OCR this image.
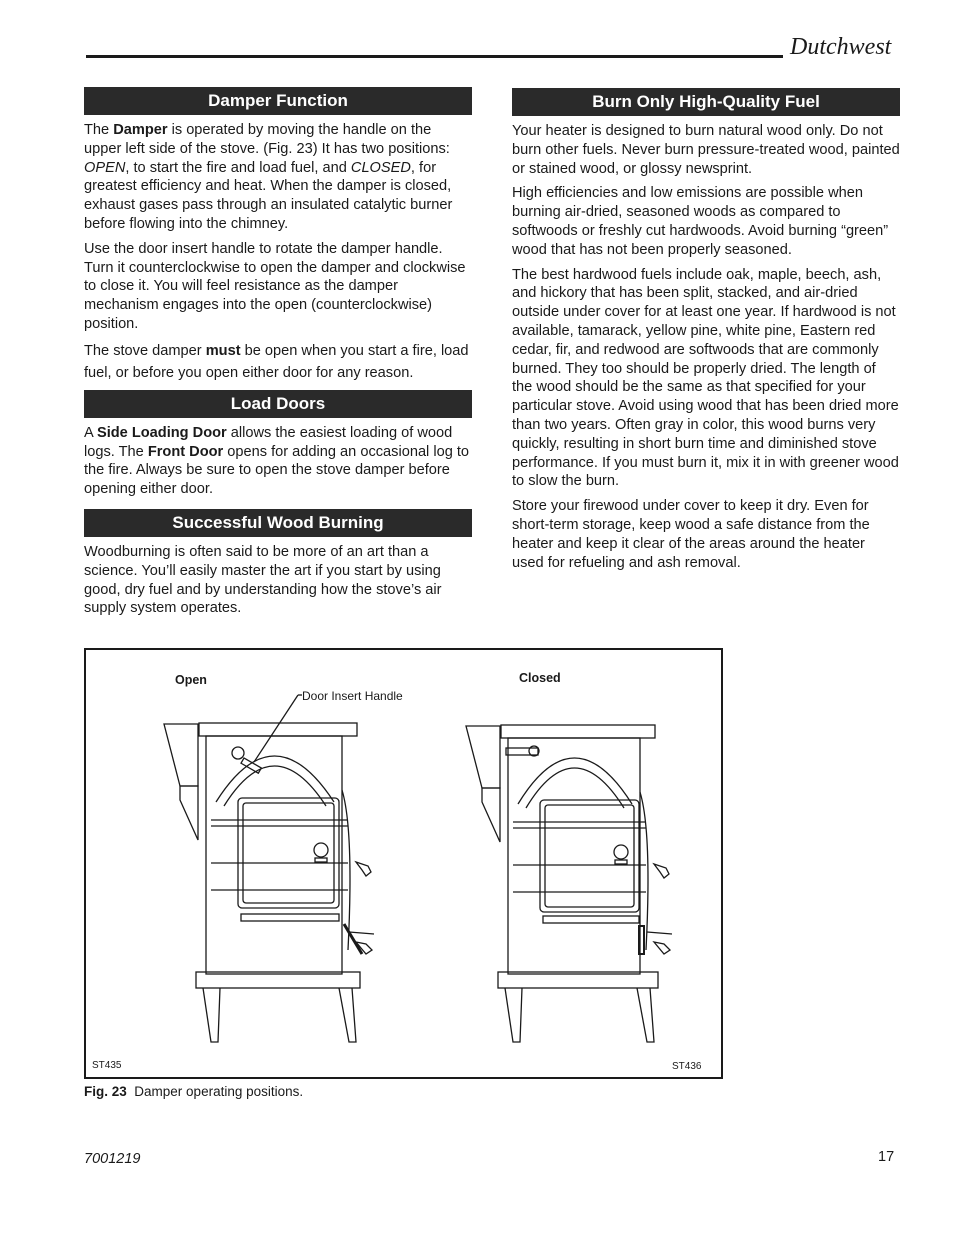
Dutchwest
Damper Function

The Damper is operated by moving the handle on the upper left side of the stove. (Fig. 23) It has two positions: OPEN, to start the fire and load fuel, and CLOSED, for greatest efficiency and heat. When the damper is closed, exhaust gases pass through an insulated catalytic burner before flowing into the chimney.

Use the door insert handle to rotate the damper handle. Turn it counterclockwise to open the damper and clockwise to close it. You will feel resistance as the damper mechanism engages into the open (counterclockwise) position.

The stove damper must be open when you start a fire, load fuel, or before you open either door for any reason.

Load Doors

A Side Loading Door allows the easiest loading of wood logs. The Front Door opens for adding an occasional log to the fire. Always be sure to open the stove damper before opening either door.

Successful Wood Burning

Woodburning is often said to be more of an art than a science. You’ll easily master the art if you start by using good, dry fuel and by understanding how the stove’s air supply system operates.

Burn Only High-Quality Fuel

Your heater is designed to burn natural wood only. Do not burn other fuels. Never burn pressure-treated wood, painted or stained wood, or glossy newsprint.

High efficiencies and low emissions are possible when burning air-dried, seasoned woods as compared to softwoods or freshly cut hardwoods. Avoid burning “green” wood that has not been properly seasoned.

The best hardwood fuels include oak, maple, beech, ash, and hickory that has been split, stacked, and air-dried outside under cover for at least one year. If hardwood is not available, tamarack, yellow pine, white pine, Eastern red cedar, fir, and redwood are softwoods that are commonly burned. They too should be properly dried. The length of the wood should be the same as that specified for your particular stove. Avoid using wood that has been dried more than two years. Often gray in color, this wood burns very quickly, resulting in short burn time and diminished stove performance. If you must burn it, mix it in with greener wood to slow the burn.

Store your firewood under cover to keep it dry. Even for short-term storage, keep wood a safe distance from the heater and keep it clear of the areas around the heater used for refueling and ash removal.

Open	Closed
Door Insert Handle
ST435	ST436
Fig. 23 Damper operating positions.
7001219	17
